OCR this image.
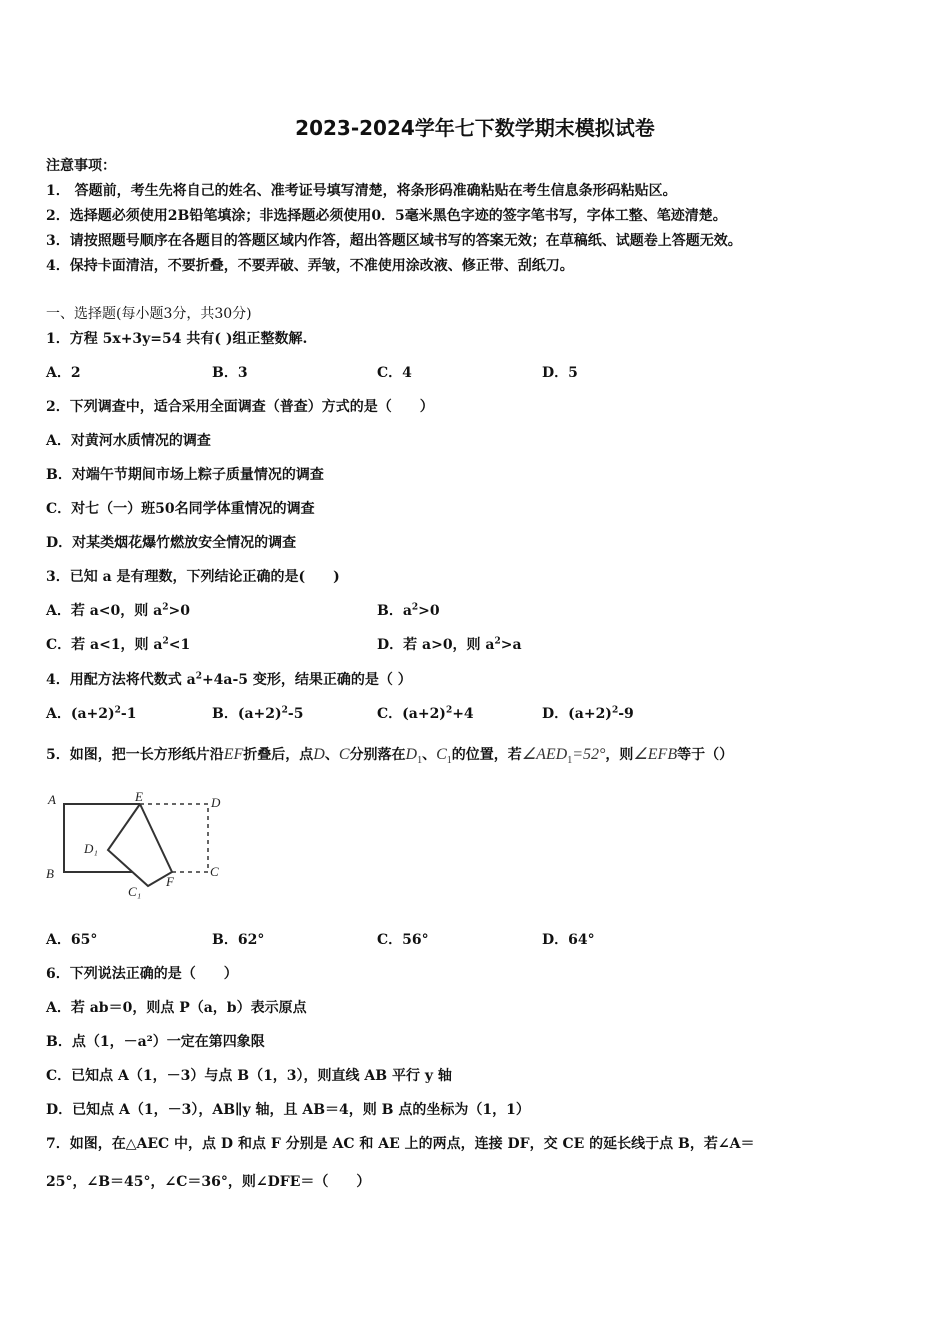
2023-2024学年七下数学期末模拟试卷
注意事项：
1． 答题前，考生先将自己的姓名、准考证号填写清楚，将条形码准确粘贴在考生信息条形码粘贴区。
2．选择题必须使用2B铅笔填涂；非选择题必须使用0．5毫米黑色字迹的签字笔书写，字体工整、笔迹清楚。
3．请按照题号顺序在各题目的答题区域内作答，超出答题区域书写的答案无效；在草稿纸、试题卷上答题无效。
4．保持卡面清洁，不要折叠，不要弄破、弄皱，不准使用涂改液、修正带、刮纸刀。
一、选择题(每小题3分，共30分)
1．方程 5x+3y=54 共有( )组正整数解.
A．2	B．3	C．4	D．5
2．下列调查中，适合采用全面调查（普查）方式的是（　　）
A．对黄河水质情况的调查
B．对端午节期间市场上粽子质量情况的调查
C．对七（一）班50名同学体重情况的调查
D．对某类烟花爆竹燃放安全情况的调查
3．已知 a 是有理数，下列结论正确的是(　　)
A．若 a<0，则 $a^2>0$	B．$a^2>0$
C．若 a<1，则 $a^2<1$	D．若 a>0，则 $a^2>a$
4．用配方法将代数式 $a^2+4a-5$ 变形，结果正确的是（ ）
A．$(a+2)^2-1$	B．$(a+2)^2-5$	C．$(a+2)^2+4$	D．$(a+2)^2-9$
5．如图，把一长方形纸片沿EF折叠后，点D、C分别落在$D_1$、$C_1$的位置，若$\angle AED_1=52^\circ$，则∠EFB等于（）
A	E	D
D₁
B	C
C₁
F
A．65°	B．62°	C．56°	D．64°
6．下列说法正确的是（　　）
A．若 ab＝0，则点 P（a，b）表示原点
B．点（1，－a²）一定在第四象限
C．已知点 A（1，－3）与点 B（1，3），则直线 AB 平行 y 轴
D．已知点 A（1，－3），AB∥y 轴，且 AB＝4，则 B 点的坐标为（1，1）
7．如图，在△AEC 中，点 D 和点 F 分别是 AC 和 AE 上的两点，连接 DF，交 CE 的延长线于点 B，若∠A＝
25°，∠B＝45°，∠C＝36°，则∠DFE＝（　　）
